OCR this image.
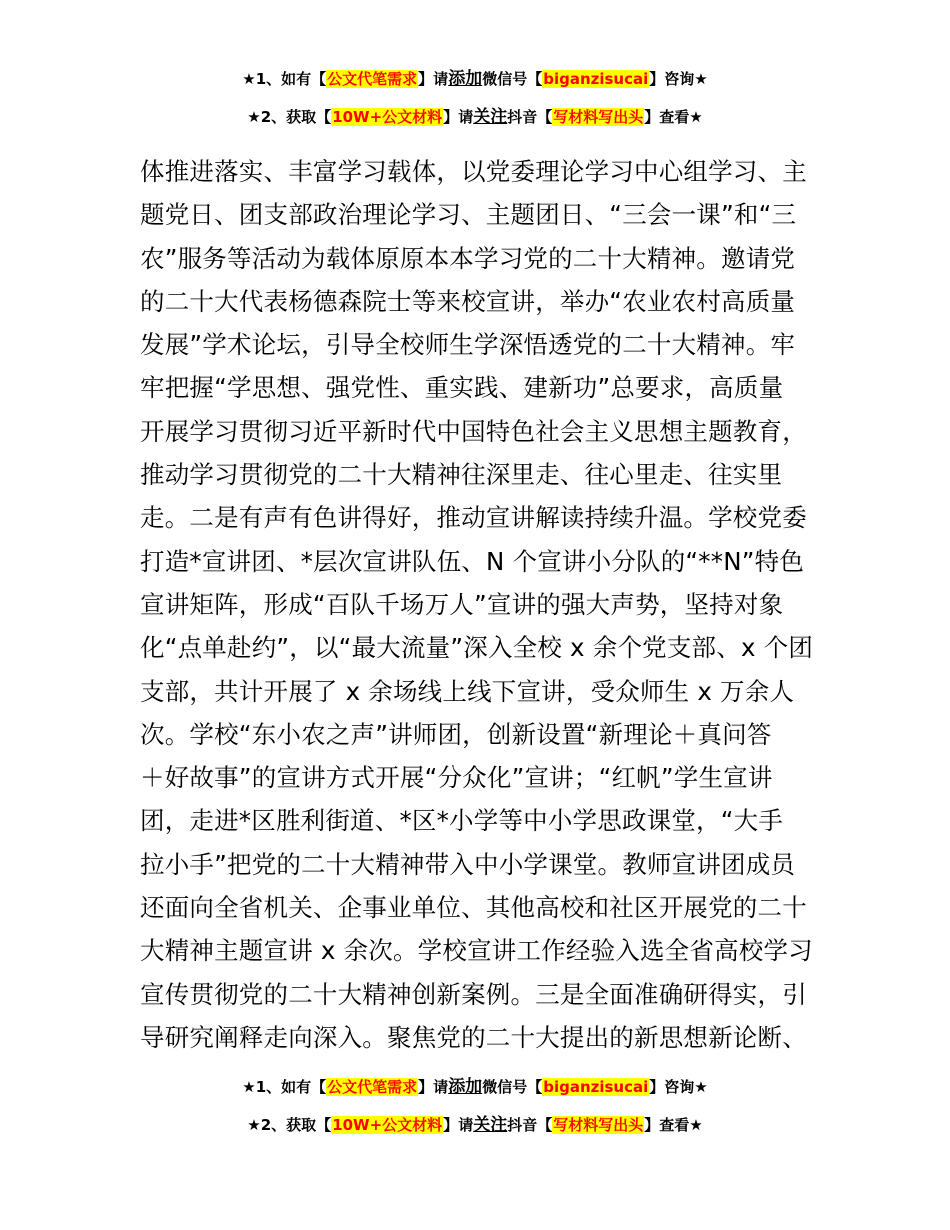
★1、如有【公文代笔需求】请添加微信号【biganzisucai】咨询★
★2、获取【10W+公文材料】请关注抖音【写材料写出头】查看★
体推进落实、丰富学习载体，以党委理论学习中心组学习、主
题党日、团支部政治理论学习、主题团日、“三会一课”和“三
农”服务等活动为载体原原本本学习党的二十大精神。邀请党
的二十大代表杨德森院士等来校宣讲，举办“农业农村高质量
发展”学术论坛，引导全校师生学深悟透党的二十大精神。牢
牢把握“学思想、强党性、重实践、建新功”总要求，高质量
开展学习贯彻习近平新时代中国特色社会主义思想主题教育，
推动学习贯彻党的二十大精神往深里走、往心里走、往实里
走。二是有声有色讲得好，推动宣讲解读持续升温。学校党委
打造*宣讲团、*层次宣讲队伍、N 个宣讲小分队的“**N”特色
宣讲矩阵，形成“百队千场万人”宣讲的强大声势，坚持对象
化“点单赴约”，以“最大流量”深入全校 x 余个党支部、x 个团
支部，共计开展了 x 余场线上线下宣讲，受众师生 x 万余人
次。学校“东小农之声”讲师团，创新设置“新理论＋真问答
＋好故事”的宣讲方式开展“分众化”宣讲；“红帆”学生宣讲
团，走进*区胜利街道、*区*小学等中小学思政课堂，“大手
拉小手”把党的二十大精神带入中小学课堂。教师宣讲团成员
还面向全省机关、企事业单位、其他高校和社区开展党的二十
大精神主题宣讲 x 余次。学校宣讲工作经验入选全省高校学习
宣传贯彻党的二十大精神创新案例。三是全面准确研得实，引
导研究阐释走向深入。聚焦党的二十大提出的新思想新论断、
★1、如有【公文代笔需求】请添加微信号【biganzisucai】咨询★
★2、获取【10W+公文材料】请关注抖音【写材料写出头】查看★
